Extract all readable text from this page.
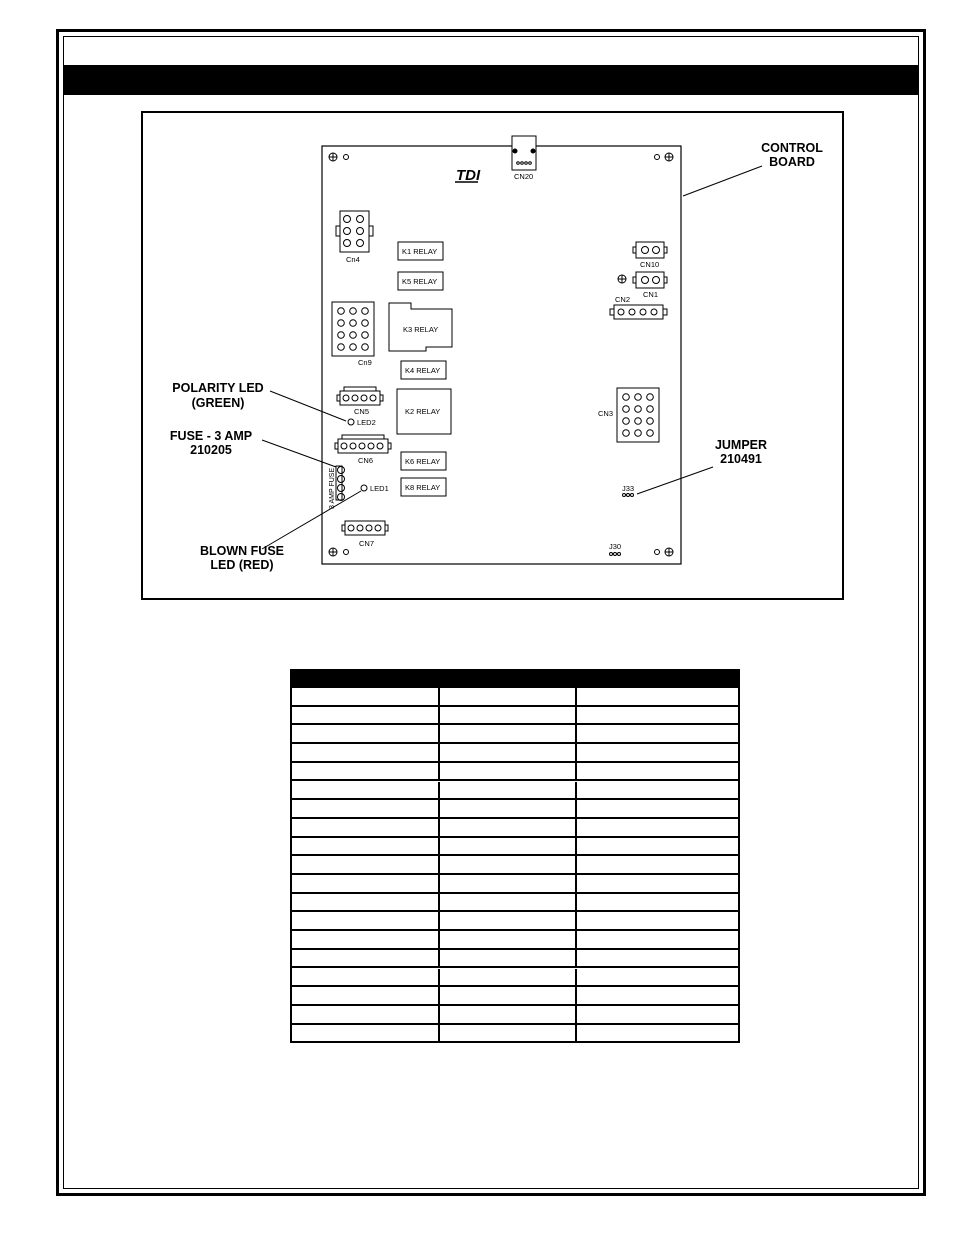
TDI	CN20
Cn4
Cn9
K1 RELAY
K5 RELAY
K3 RELAY
K4 RELAY
K2 RELAY
K6 RELAY
K8 RELAY
CN5
LED2
CN6
3 AMP FUSE	LED1
CN7
CN10
CN1
CN2
CN3
J33
J30
CONTROL
BOARD
POLARITY LED
(GREEN)
FUSE - 3 AMP
210205	JUMPER
210491
BLOWN FUSE
LED (RED)
